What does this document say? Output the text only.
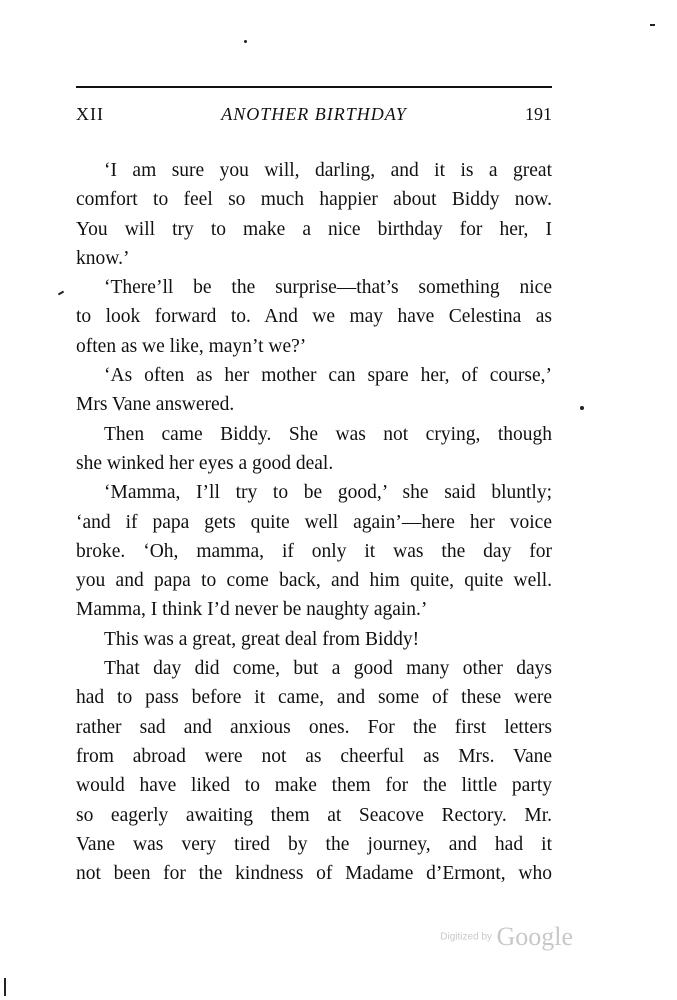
XII	ANOTHER BIRTHDAY	191
‘I am sure you will, darling, and it is a great
comfort to feel so much happier about Biddy now.
You will try to make a nice birthday for her, I
know.’
‘There’ll be the surprise—that’s something nice
to look forward to. And we may have Celestina as
often as we like, mayn’t we?’
‘As often as her mother can spare her, of course,’
Mrs Vane answered.
Then came Biddy. She was not crying, though
she winked her eyes a good deal.
‘Mamma, I’ll try to be good,’ she said bluntly;
‘and if papa gets quite well again’—here her voice
broke. ‘Oh, mamma, if only it was the day for
you and papa to come back, and him quite, quite well.
Mamma, I think I’d never be naughty again.’
This was a great, great deal from Biddy!
That day did come, but a good many other days
had to pass before it came, and some of these were
rather sad and anxious ones. For the first letters
from abroad were not as cheerful as Mrs. Vane
would have liked to make them for the little party
so eagerly awaiting them at Seacove Rectory. Mr.
Vane was very tired by the journey, and had it
not been for the kindness of Madame d’Ermont, who
Digitized by Google
